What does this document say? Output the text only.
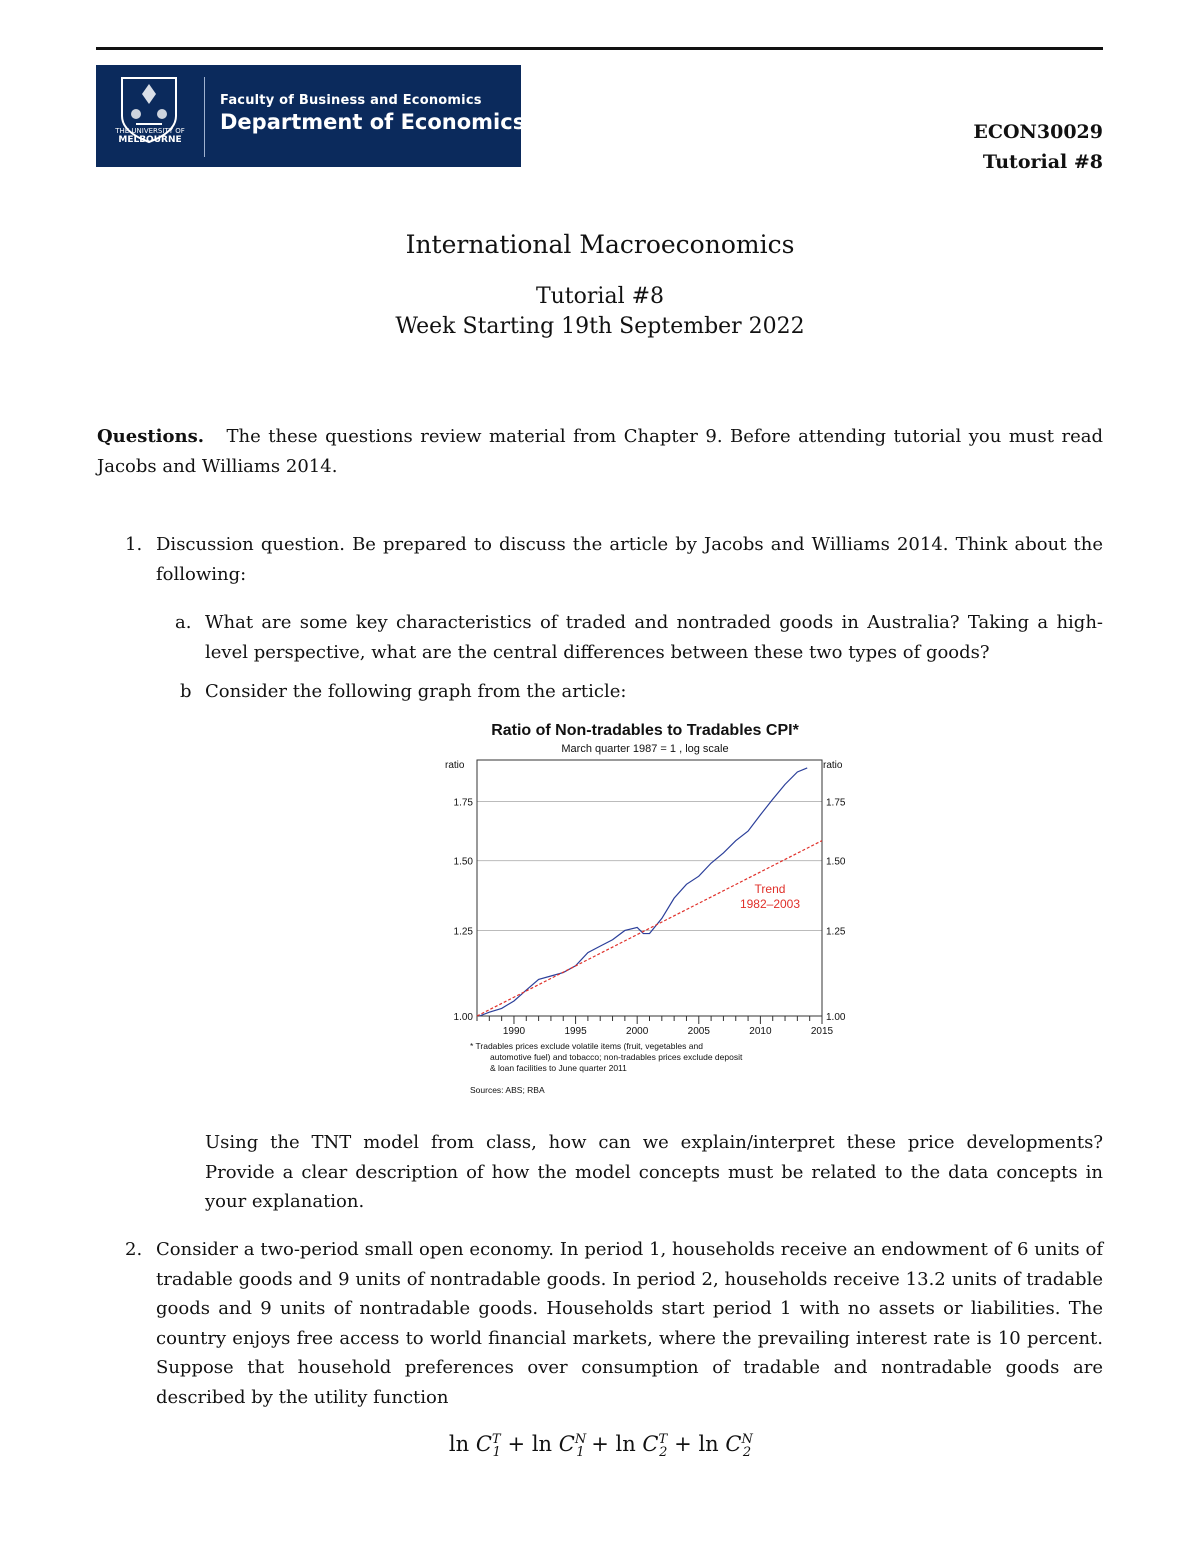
THE UNIVERSITY OF
MELBOURNE
Faculty of Business and Economics
Department of Economics	ECON30029
Tutorial #8
International Macroeconomics
Tutorial #8
Week Starting 19th September 2022
Questions. The these questions review material from Chapter 9. Before attending tutorial you must read Jacobs and Williams 2014.
1. Discussion question. Be prepared to discuss the article by Jacobs and Williams 2014. Think about the following:
a. What are some key characteristics of traded and nontraded goods in Australia? Taking a high-level perspective, what are the central differences between these two types of goods?
b Consider the following graph from the article:
Ratio of Non-tradables to Tradables CPI*
March quarter 1987 = 1 , log scale
ratio	ratio
1.00	1.00
1.25	1.25
1.50	1.50
1.75	1.75
1990	1995	2000	2005	2010	2015
Trend
1982–2003
* Tradables prices exclude volatile items (fruit, vegetables and
automotive fuel) and tobacco; non-tradables prices exclude deposit
& loan facilities to June quarter 2011
Sources: ABS; RBA
Using the TNT model from class, how can we explain/interpret these price developments? Provide a clear description of how the model concepts must be related to the data concepts in your explanation.
2. Consider a two-period small open economy. In period 1, households receive an endowment of 6 units of tradable goods and 9 units of nontradable goods. In period 2, households receive 13.2 units of tradable goods and 9 units of nontradable goods. Households start period 1 with no assets or liabilities. The country enjoys free access to world financial markets, where the prevailing interest rate is 10 percent. Suppose that household preferences over consumption of tradable and nontradable goods are described by the utility function
$\ln C^T_1 + \ln C^N_1 + \ln C^T_2 + \ln C^N_2$
